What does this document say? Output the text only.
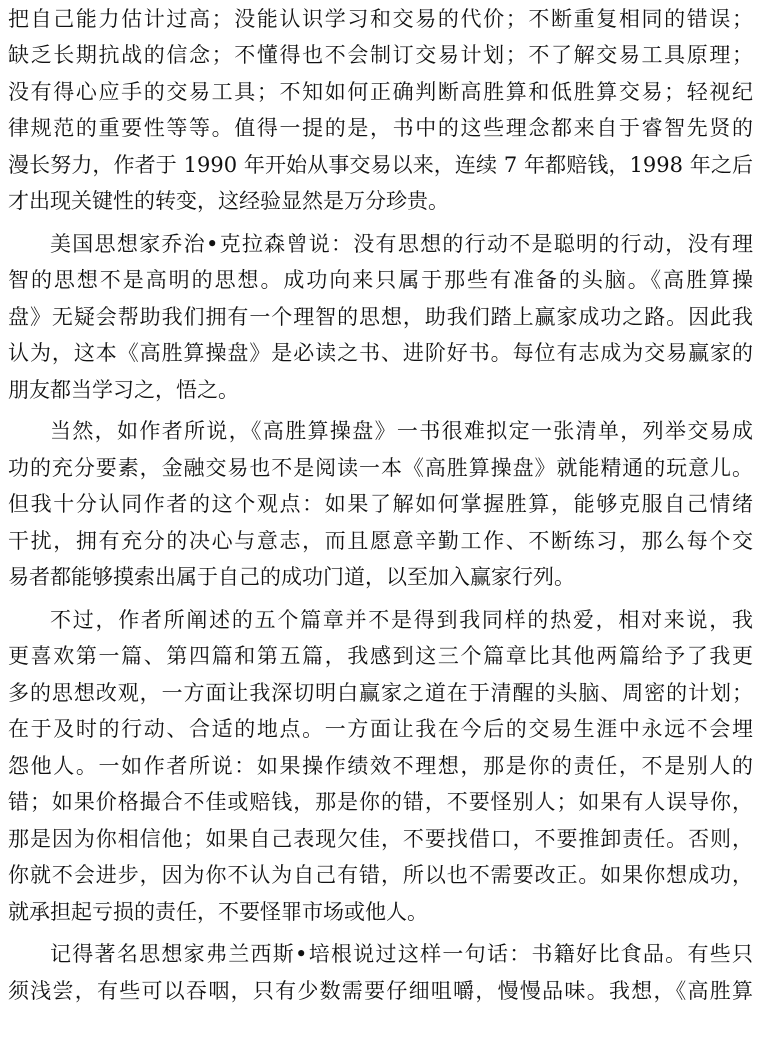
把自己能力估计过高；没能认识学习和交易的代价；不断重复相同的错误；
缺乏长期抗战的信念；不懂得也不会制订交易计划；不了解交易工具原理；
没有得心应手的交易工具；不知如何正确判断高胜算和低胜算交易；轻视纪
律规范的重要性等等。值得一提的是，书中的这些理念都来自于睿智先贤的
漫长努力，作者于 1990 年开始从事交易以来，连续 7 年都赔钱，1998 年之后
才出现关键性的转变，这经验显然是万分珍贵。
美国思想家乔治•克拉森曾说：没有思想的行动不是聪明的行动，没有理
智的思想不是高明的思想。成功向来只属于那些有准备的头脑。《高胜算操
盘》无疑会帮助我们拥有一个理智的思想，助我们踏上赢家成功之路。因此我
认为，这本《高胜算操盘》是必读之书、进阶好书。每位有志成为交易赢家的
朋友都当学习之，悟之。
当然，如作者所说，《高胜算操盘》一书很难拟定一张清单，列举交易成
功的充分要素，金融交易也不是阅读一本《高胜算操盘》就能精通的玩意儿。
但我十分认同作者的这个观点：如果了解如何掌握胜算，能够克服自己情绪
干扰，拥有充分的决心与意志，而且愿意辛勤工作、不断练习，那么每个交
易者都能够摸索出属于自己的成功门道，以至加入赢家行列。
不过，作者所阐述的五个篇章并不是得到我同样的热爱，相对来说，我
更喜欢第一篇、第四篇和第五篇，我感到这三个篇章比其他两篇给予了我更
多的思想改观，一方面让我深切明白赢家之道在于清醒的头脑、周密的计划；
在于及时的行动、合适的地点。一方面让我在今后的交易生涯中永远不会埋
怨他人。一如作者所说：如果操作绩效不理想，那是你的责任，不是别人的
错；如果价格撮合不佳或赔钱，那是你的错，不要怪别人；如果有人误导你，
那是因为你相信他；如果自己表现欠佳，不要找借口，不要推卸责任。否则，
你就不会进步，因为你不认为自己有错，所以也不需要改正。如果你想成功，
就承担起亏损的责任，不要怪罪市场或他人。
记得著名思想家弗兰西斯•培根说过这样一句话：书籍好比食品。有些只
须浅尝，有些可以吞咽，只有少数需要仔细咀嚼，慢慢品味。我想，《高胜算
